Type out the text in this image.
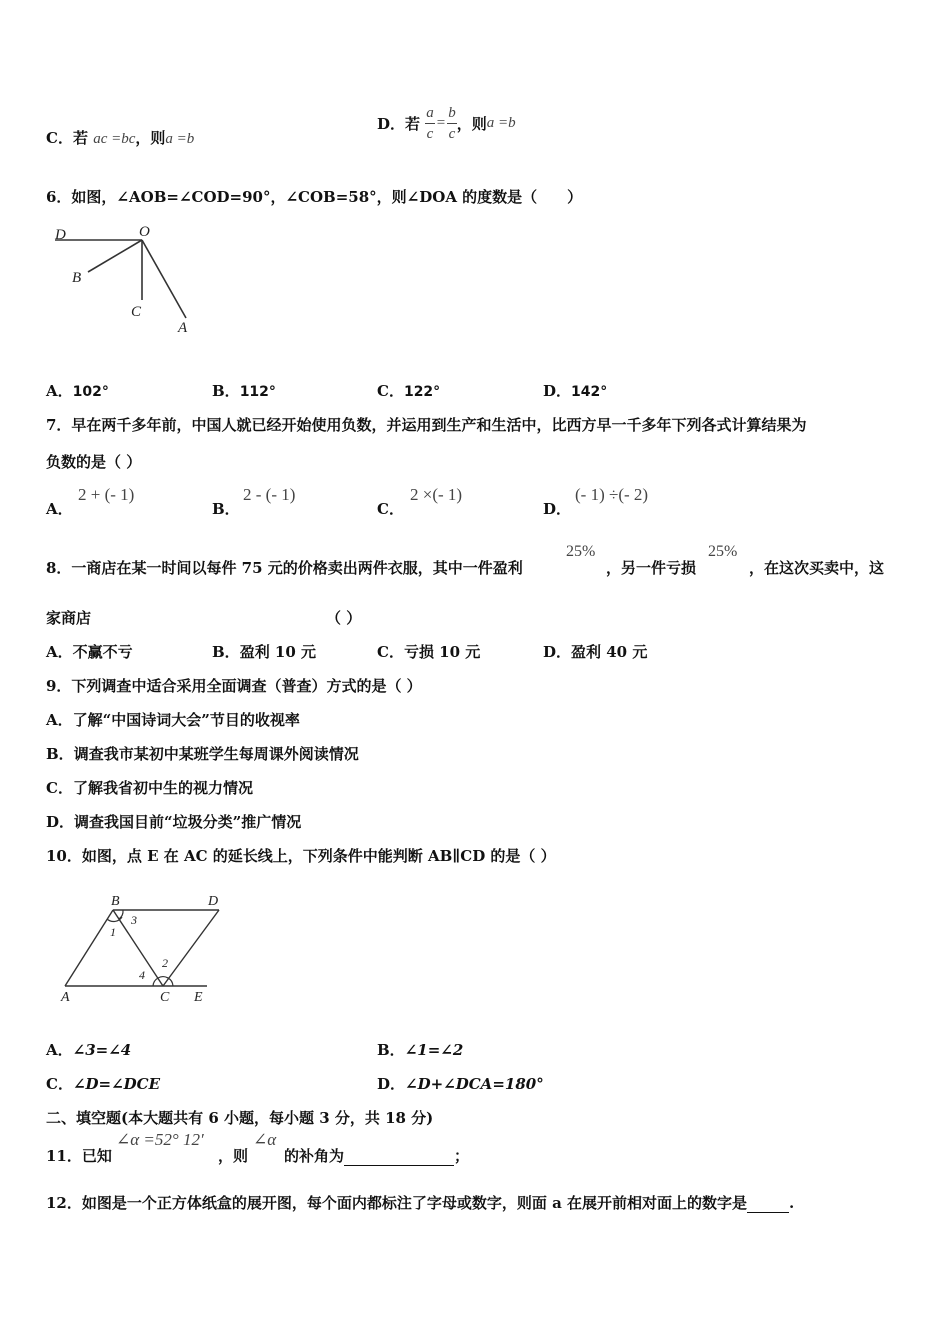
C．若 ac =bc，则a =b
D．若 $\frac{a}{c} = \frac{b}{c}$ ，则a =b
6．如图，∠AOB=∠COD=90°，∠COB=58°，则∠DOA 的度数是（　　）
D	O
B
C
A
A．102°	B．112°	C．122°	D．142°
7．早在两千多年前，中国人就已经开始使用负数，并运用到生产和生活中，比西方早一千多年下列各式计算结果为
负数的是（ ）
A．
2 + (- 1)
B．
2 - (- 1)
C．
2 ×(- 1)
D．
(- 1) ÷(- 2)
8．一商店在某一时间以每件 75 元的价格卖出两件衣服，其中一件盈利
25%
，另一件亏损
25%
，在这次买卖中，这
家商店	（ ）
A．不赢不亏	B．盈利 10 元	C．亏损 10 元	D．盈利 40 元
9．下列调查中适合采用全面调查（普查）方式的是（ ）
A．了解“中国诗词大会”节目的收视率
B．调查我市某初中某班学生每周课外阅读情况
C．了解我省初中生的视力情况
D．调查我国目前“垃圾分类”推广情况
10．如图，点 E 在 AC 的延长线上，下列条件中能判断 AB∥CD 的是（ ）
B	D
A	C E
1
3
4
2
A．∠3=∠4	B．∠1=∠2
C．∠D=∠DCE	D．∠D+∠DCA=180°
二、填空题(本大题共有 6 小题，每小题 3 分，共 18 分)
11．已知
∠α =52° 12′
，则
∠α
的补角为	；
12．如图是一个正方体纸盒的展开图，每个面内都标注了字母或数字，则面 a 在展开前相对面上的数字是	.
